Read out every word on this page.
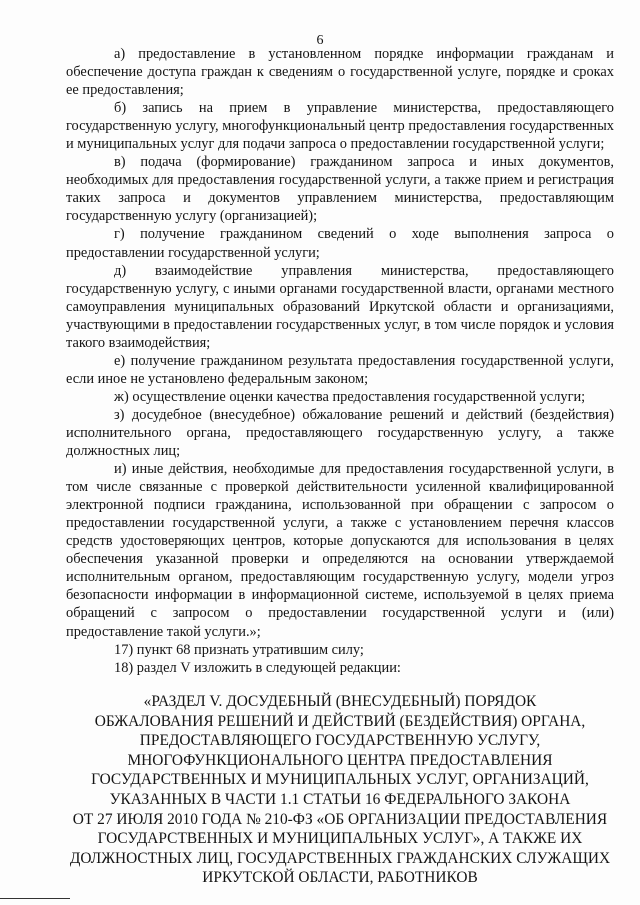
6

а) предоставление в установленном порядке информации гражданам и обеспечение доступа граждан к сведениям о государственной услуге, порядке и сроках ее предоставления;

б) запись на прием в управление министерства, предоставляющего государственную услугу, многофункциональный центр предоставления государственных и муниципальных услуг для подачи запроса о предоставлении государственной услуги;

в) подача (формирование) гражданином запроса и иных документов, необходимых для предоставления государственной услуги, а также прием и регистрация таких запроса и документов управлением министерства, предоставляющим государственную услугу (организацией);

г) получение гражданином сведений о ходе выполнения запроса о предоставлении государственной услуги;

д) взаимодействие управления министерства, предоставляющего государственную услугу, с иными органами государственной власти, органами местного самоуправления муниципальных образований Иркутской области и организациями, участвующими в предоставлении государственных услуг, в том числе порядок и условия такого взаимодействия;

е) получение гражданином результата предоставления государственной услуги, если иное не установлено федеральным законом;

ж) осуществление оценки качества предоставления государственной услуги;

з) досудебное (внесудебное) обжалование решений и действий (бездействия) исполнительного органа, предоставляющего государственную услугу, а также должностных лиц;

и) иные действия, необходимые для предоставления государственной услуги, в том числе связанные с проверкой действительности усиленной квалифицированной электронной подписи гражданина, использованной при обращении с запросом о предоставлении государственной услуги, а также с установлением перечня классов средств удостоверяющих центров, которые допускаются для использования в целях обеспечения указанной проверки и определяются на основании утверждаемой исполнительным органом, предоставляющим государственную услугу, модели угроз безопасности информации в информационной системе, используемой в целях приема обращений с запросом о предоставлении государственной услуги и (или) предоставление такой услуги.»;

17) пункт 68 признать утратившим силу;

18) раздел V изложить в следующей редакции:

«РАЗДЕЛ V. ДОСУДЕБНЫЙ (ВНЕСУДЕБНЫЙ) ПОРЯДОК
ОБЖАЛОВАНИЯ РЕШЕНИЙ И ДЕЙСТВИЙ (БЕЗДЕЙСТВИЯ) ОРГАНА,
ПРЕДОСТАВЛЯЮЩЕГО ГОСУДАРСТВЕННУЮ УСЛУГУ,
МНОГОФУНКЦИОНАЛЬНОГО ЦЕНТРА ПРЕДОСТАВЛЕНИЯ
ГОСУДАРСТВЕННЫХ И МУНИЦИПАЛЬНЫХ УСЛУГ, ОРГАНИЗАЦИЙ,
УКАЗАННЫХ В ЧАСТИ 1.1 СТАТЬИ 16 ФЕДЕРАЛЬНОГО ЗАКОНА
ОТ 27 ИЮЛЯ 2010 ГОДА № 210-ФЗ «ОБ ОРГАНИЗАЦИИ ПРЕДОСТАВЛЕНИЯ
ГОСУДАРСТВЕННЫХ И МУНИЦИПАЛЬНЫХ УСЛУГ», А ТАКЖЕ ИХ
ДОЛЖНОСТНЫХ ЛИЦ, ГОСУДАРСТВЕННЫХ ГРАЖДАНСКИХ СЛУЖАЩИХ
ИРКУТСКОЙ ОБЛАСТИ, РАБОТНИКОВ
